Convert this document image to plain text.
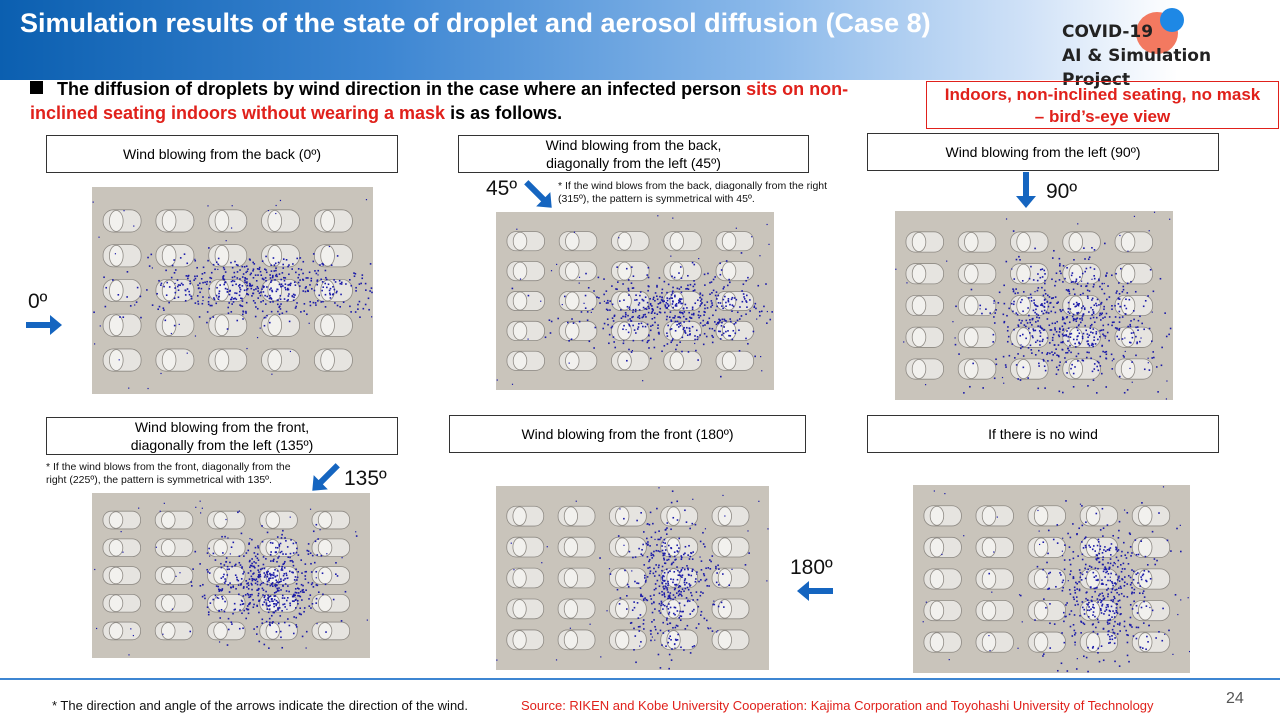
Simulation results of the state of droplet and aerosol diffusion (Case 8)	COVID-19
AI & Simulation Project
The diffusion of droplets by wind direction in the case where an infected person sits on non-inclined seating indoors without wearing a mask is as follows.
Indoors, non-inclined seating, no mask
– bird’s-eye view
Wind blowing from the back (0º)
0º
Wind blowing from the back, diagonally from the left (45º)
45º	* If the wind blows from the back, diagonally from the right (315º), the pattern is symmetrical with 45º.
Wind blowing from the left (90º)
90º
Wind blowing from the front, diagonally from the left (135º)
* If the wind blows from the front, diagonally from the right (225º), the pattern is symmetrical with 135º.	135º
Wind blowing from the front (180º)
180º
If there is no wind
* The direction and angle of the arrows indicate the direction of the wind.	Source: RIKEN and Kobe University Cooperation: Kajima Corporation and Toyohashi University of Technology	24
